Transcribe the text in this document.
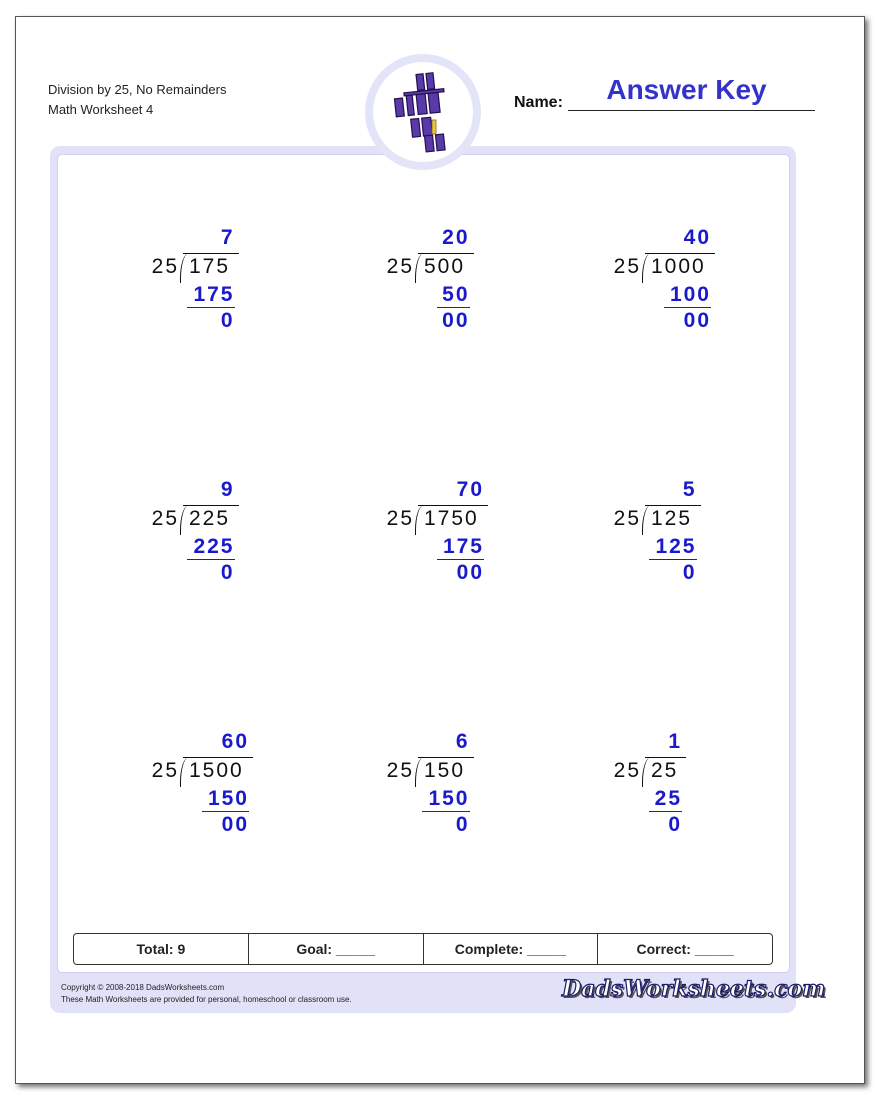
Division by 25, No Remainders
Math Worksheet 4	Name:	Answer Key
7
25 175
175
0
20
25 500
50
00
40
25 1000
100
00
9
25 225
225
0
70
25 1750
175
00
5
25 125
125
0
60
25 1500
150
00
6
25 150
150
0
1
25 25
25
0
Total: 9	Goal: _____	Complete: _____	Correct: _____
Copyright © 2008-2018 DadsWorksheets.com
These Math Worksheets are provided for personal, homeschool or classroom use.	DadsWorksheets.com
